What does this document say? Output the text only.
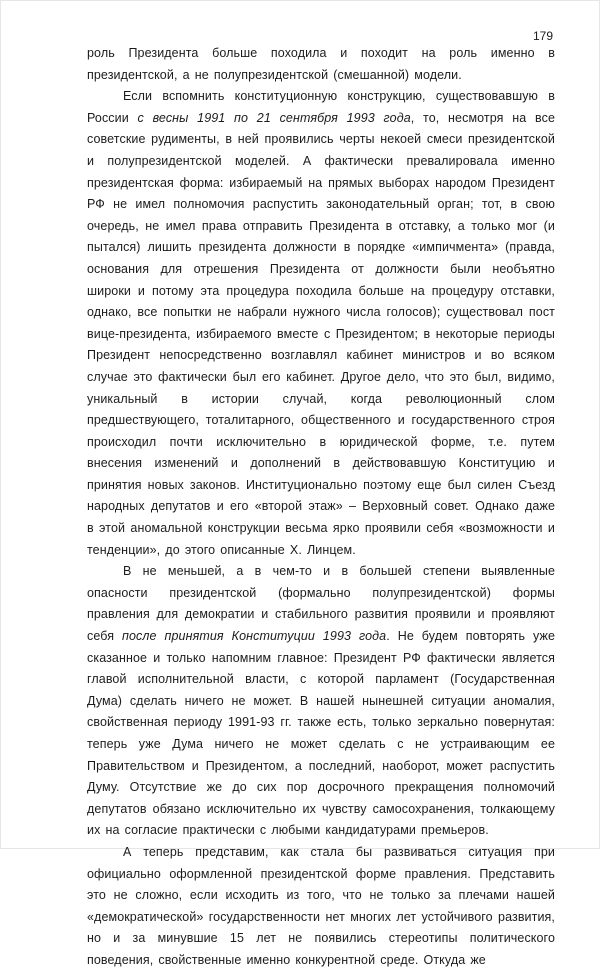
179

роль Президента больше походила и походит на роль именно в президентской, а не полупрезидентской (смешанной) модели.

Если вспомнить конституционную конструкцию, существовавшую в России с весны 1991 по 21 сентября 1993 года, то, несмотря на все советские рудименты, в ней проявились черты некоей смеси президентской и полупрезидентской моделей. А фактически превалировала именно президентская форма: избираемый на прямых выборах народом Президент РФ не имел полномочия распустить законодательный орган; тот, в свою очередь, не имел права отправить Президента в отставку, а только мог (и пытался) лишить президента должности в порядке «импичмента» (правда, основания для отрешения Президента от должности были необъятно широки и потому эта процедура походила больше на процедуру отставки, однако, все попытки не набрали нужного числа голосов); существовал пост вице-президента, избираемого вместе с Президентом; в некоторые периоды Президент непосредственно возглавлял кабинет министров и во всяком случае это фактически был его кабинет. Другое дело, что это был, видимо, уникальный в истории случай, когда революционный слом предшествующего, тоталитарного, общественного и государственного строя происходил почти исключительно в юридической форме, т.е. путем внесения изменений и дополнений в действовавшую Конституцию и принятия новых законов. Институционально поэтому еще был силен Съезд народных депутатов и его «второй этаж» – Верховный совет. Однако даже в этой аномальной конструкции весьма ярко проявили себя «возможности и тенденции», до этого описанные Х. Линцем.

В не меньшей, а в чем-то и в большей степени выявленные опасности президентской (формально полупрезидентской) формы правления для демократии и стабильного развития проявили и проявляют себя после принятия Конституции 1993 года. Не будем повторять уже сказанное и только напомним главное: Президент РФ фактически является главой исполнительной власти, с которой парламент (Государственная Дума) сделать ничего не может. В нашей нынешней ситуации аномалия, свойственная периоду 1991-93 гг. также есть, только зеркально повернутая: теперь уже Дума ничего не может сделать с не устраивающим ее Правительством и Президентом, а последний, наоборот, может распустить Думу. Отсутствие же до сих пор досрочного прекращения полномочий депутатов обязано исключительно их чувству самосохранения, толкающему их на согласие практически с любыми кандидатурами премьеров.

А теперь представим, как стала бы развиваться ситуация при официально оформленной президентской форме правления. Представить это не сложно, если исходить из того, что не только за плечами нашей «демократической» государственности нет многих лет устойчивого развития, но и за минувшие 15 лет не появились стереотипы политического поведения, свойственные именно конкурентной среде. Откуда же
